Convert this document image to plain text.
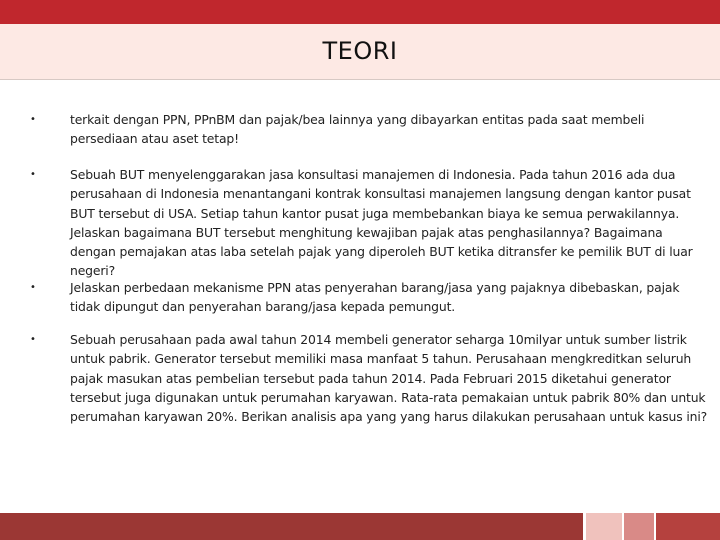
TEORI
•	terkait dengan PPN, PPnBM dan pajak/bea lainnya yang dibayarkan entitas pada saat membeli persediaan atau aset tetap!
•	Sebuah BUT menyelenggarakan jasa konsultasi manajemen di Indonesia. Pada tahun 2016 ada dua perusahaan di Indonesia menantangani kontrak konsultasi manajemen langsung dengan kantor pusat BUT tersebut di USA. Setiap tahun kantor pusat juga membebankan biaya ke semua perwakilannya. Jelaskan bagaimana BUT tersebut menghitung kewajiban pajak atas penghasilannya? Bagaimana dengan pemajakan atas laba setelah pajak yang diperoleh BUT ketika ditransfer ke pemilik BUT di luar negeri?
•	Jelaskan perbedaan mekanisme PPN atas penyerahan barang/jasa yang pajaknya dibebaskan, pajak tidak dipungut dan penyerahan barang/jasa kepada pemungut.
•	Sebuah perusahaan pada awal tahun 2014 membeli generator seharga 10milyar untuk sumber listrik untuk pabrik. Generator tersebut memiliki masa manfaat 5 tahun. Perusahaan mengkreditkan seluruh pajak masukan atas pembelian tersebut pada tahun 2014. Pada Februari 2015 diketahui generator tersebut juga digunakan untuk perumahan karyawan. Rata-rata pemakaian untuk pabrik 80% dan untuk perumahan karyawan 20%. Berikan analisis apa yang yang harus dilakukan perusahaan untuk kasus ini?
